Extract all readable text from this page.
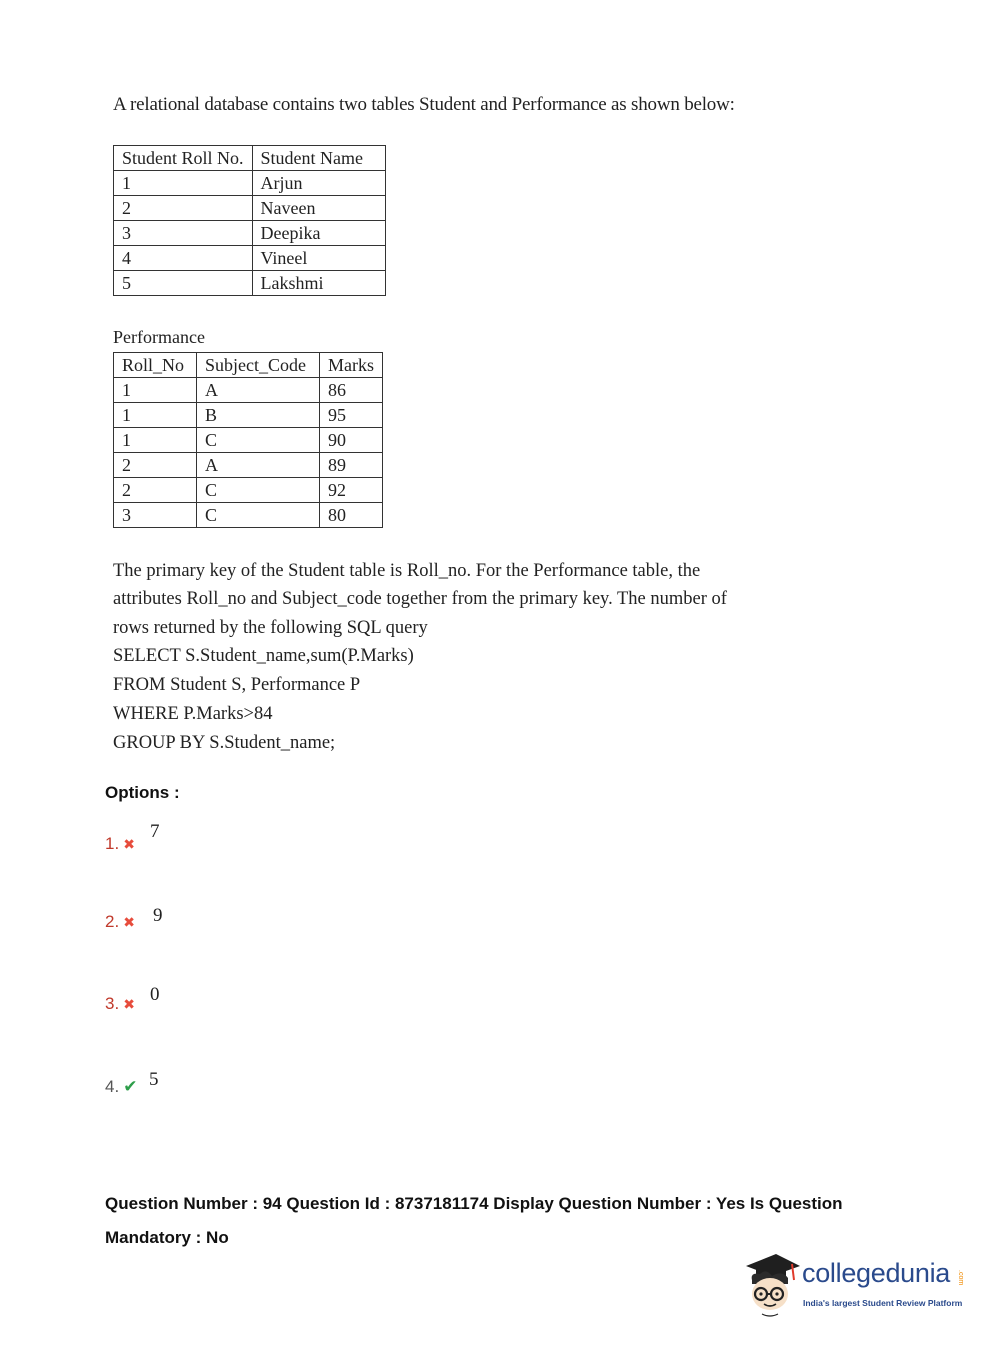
A relational database contains two tables Student and Performance as shown below:
Student Roll No.	Student Name
1	Arjun
2	Naveen
3	Deepika
4	Vineel
5	Lakshmi
Performance
Roll_No	Subject_Code	Marks
1	A	86
1	B	95
1	C	90
2	A	89
2	C	92
3	C	80
The primary key of the Student table is Roll_no. For the Performance table, the
attributes Roll_no and Subject_code together from the primary key. The number of
rows returned by the following SQL query
SELECT S.Student_name,sum(P.Marks)
FROM Student S, Performance P
WHERE P.Marks>84
GROUP BY S.Student_name;
Options :
1. ✖
7
2. ✖ 9
3. ✖ 0
4. ✔ 5
Question Number : 94 Question Id : 8737181174 Display Question Number : Yes Is Question
Mandatory : No
collegedunia .com
India's largest Student Review Platform
